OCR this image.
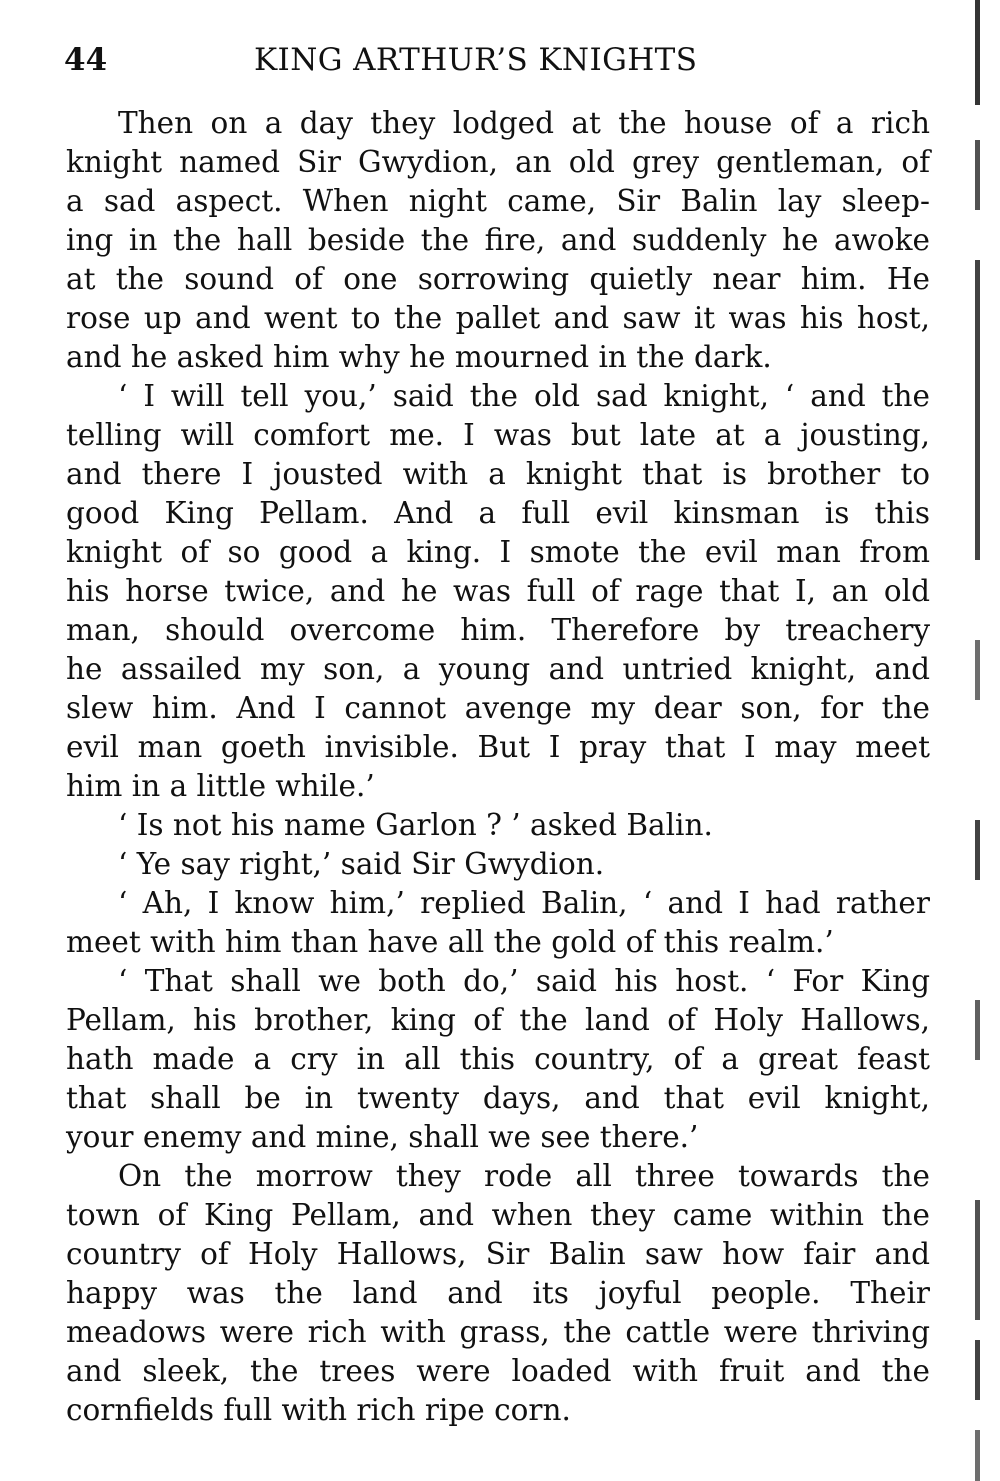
44	KING ARTHUR’S KNIGHTS
Then on a day they lodged at the house of a rich
knight named Sir Gwydion, an old grey gentleman, of
a sad aspect. When night came, Sir Balin lay sleep-
ing in the hall beside the fire, and suddenly he awoke
at the sound of one sorrowing quietly near him. He
rose up and went to the pallet and saw it was his host,
and he asked him why he mourned in the dark.
‘ I will tell you,’ said the old sad knight, ‘ and the
telling will comfort me. I was but late at a jousting,
and there I jousted with a knight that is brother to
good King Pellam. And a full evil kinsman is this
knight of so good a king. I smote the evil man from
his horse twice, and he was full of rage that I, an old
man, should overcome him. Therefore by treachery
he assailed my son, a young and untried knight, and
slew him. And I cannot avenge my dear son, for the
evil man goeth invisible. But I pray that I may meet
him in a little while.’
‘ Is not his name Garlon ? ’ asked Balin.
‘ Ye say right,’ said Sir Gwydion.
‘ Ah, I know him,’ replied Balin, ‘ and I had rather
meet with him than have all the gold of this realm.’
‘ That shall we both do,’ said his host. ‘ For King
Pellam, his brother, king of the land of Holy Hallows,
hath made a cry in all this country, of a great feast
that shall be in twenty days, and that evil knight,
your enemy and mine, shall we see there.’
On the morrow they rode all three towards the
town of King Pellam, and when they came within the
country of Holy Hallows, Sir Balin saw how fair and
happy was the land and its joyful people. Their
meadows were rich with grass, the cattle were thriving
and sleek, the trees were loaded with fruit and the
cornfields full with rich ripe corn.
